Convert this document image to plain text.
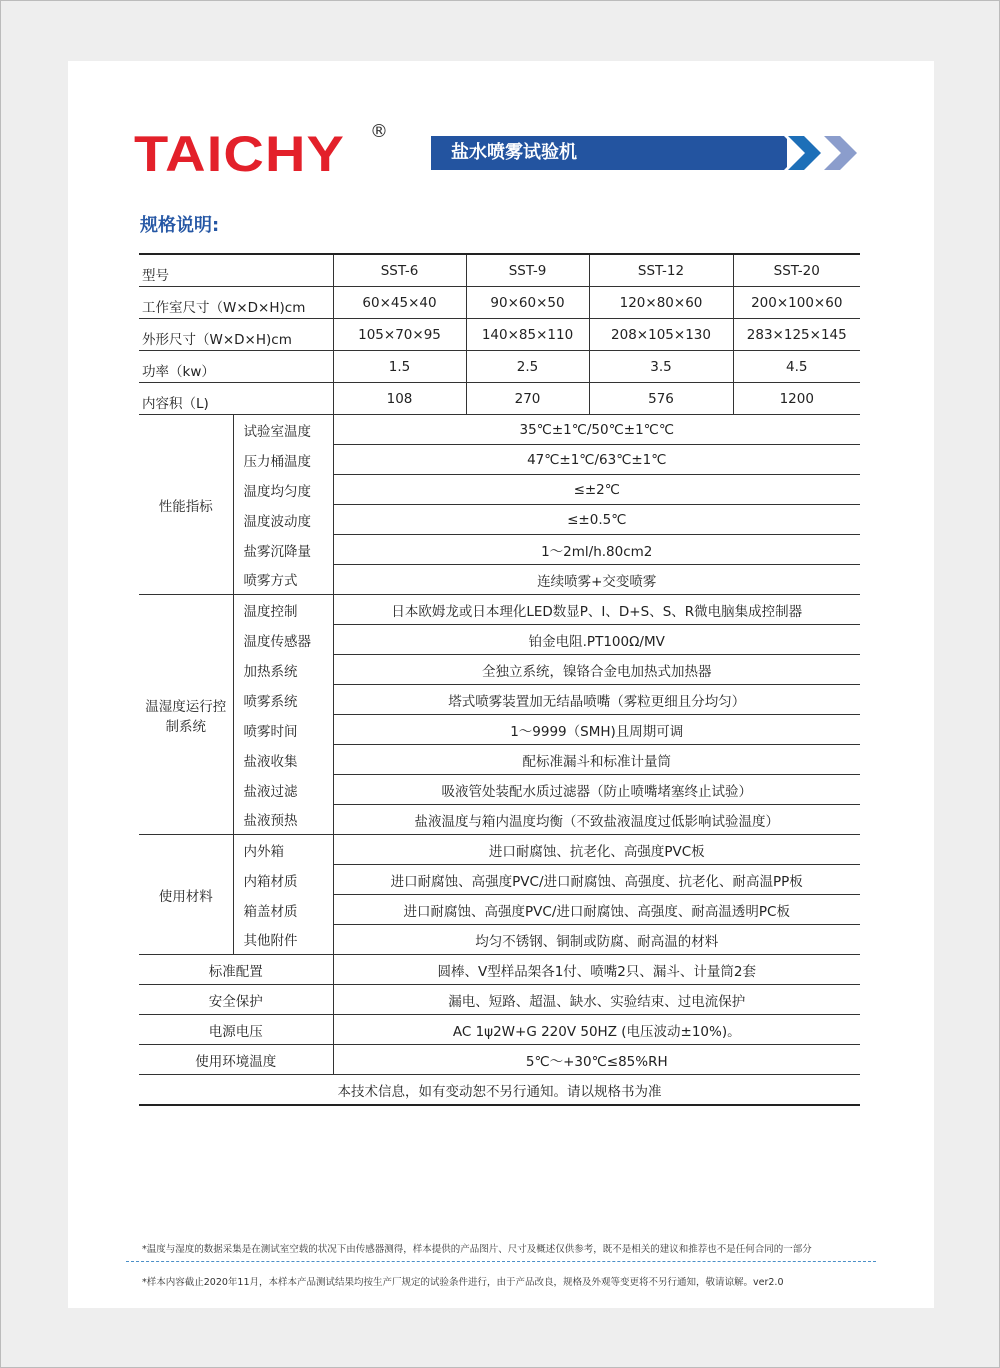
TAICHY ®
盐水喷雾试验机
规格说明:
型号		SST-6	SST-9	SST-12	SST-20
工作室尺寸（W×D×H)cm		60×45×40	90×60×50	120×80×60	200×100×60
外形尺寸（W×D×H)cm		105×70×95	140×85×110	208×105×130	283×125×145
功率（kw）		1.5	2.5	3.5	4.5
内容积（L)		108	270	576	1200
性能指标	试验室温度	35℃±1℃/50℃±1℃℃			
	压力桶温度	47℃±1℃/63℃±1℃			
	温度均匀度	≤±2℃			
	温度波动度	≤±0.5℃			
	盐雾沉降量	1～2ml/h.80cm2			
	喷雾方式	连续喷雾+交变喷雾			
温湿度运行控制系统	温度控制	日本欧姆龙或日本理化LED数显P、I、D+S、S、R微电脑集成控制器			
	温度传感器	铂金电阻.PT100Ω/MV			
	加热系统	全独立系统，镍铬合金电加热式加热器			
	喷雾系统	塔式喷雾装置加无结晶喷嘴（雾粒更细且分均匀）			
	喷雾时间	1～9999（SMH)且周期可调			
	盐液收集	配标准漏斗和标准计量筒			
	盐液过滤	吸液管处装配水质过滤器（防止喷嘴堵塞终止试验）			
	盐液预热	盐液温度与箱内温度均衡（不致盐液温度过低影响试验温度）			
使用材料	内外箱	进口耐腐蚀、抗老化、高强度PVC板			
	内箱材质	进口耐腐蚀、高强度PVC/进口耐腐蚀、高强度、抗老化、耐高温PP板			
	箱盖材质	进口耐腐蚀、高强度PVC/进口耐腐蚀、高强度、耐高温透明PC板			
	其他附件	均匀不锈钢、铜制或防腐、耐高温的材料			
标准配置		圆棒、V型样品架各1付、喷嘴2只、漏斗、计量筒2套			
安全保护		漏电、短路、超温、缺水、实验结束、过电流保护			
电源电压		AC 1ψ2W+G 220V 50HZ (电压波动±10%)。			
使用环境温度		5℃～+30℃≤85%RH			
本技术信息，如有变动恕不另行通知。请以规格书为准					
*温度与湿度的数据采集是在测试室空载的状况下由传感器测得，样本提供的产品图片、尺寸及概述仅供参考，既不是相关的建议和推荐也不是任何合同的一部分
*样本内容截止2020年11月，本样本产品测试结果均按生产厂规定的试验条件进行，由于产品改良，规格及外观等变更将不另行通知，敬请谅解。ver2.0
